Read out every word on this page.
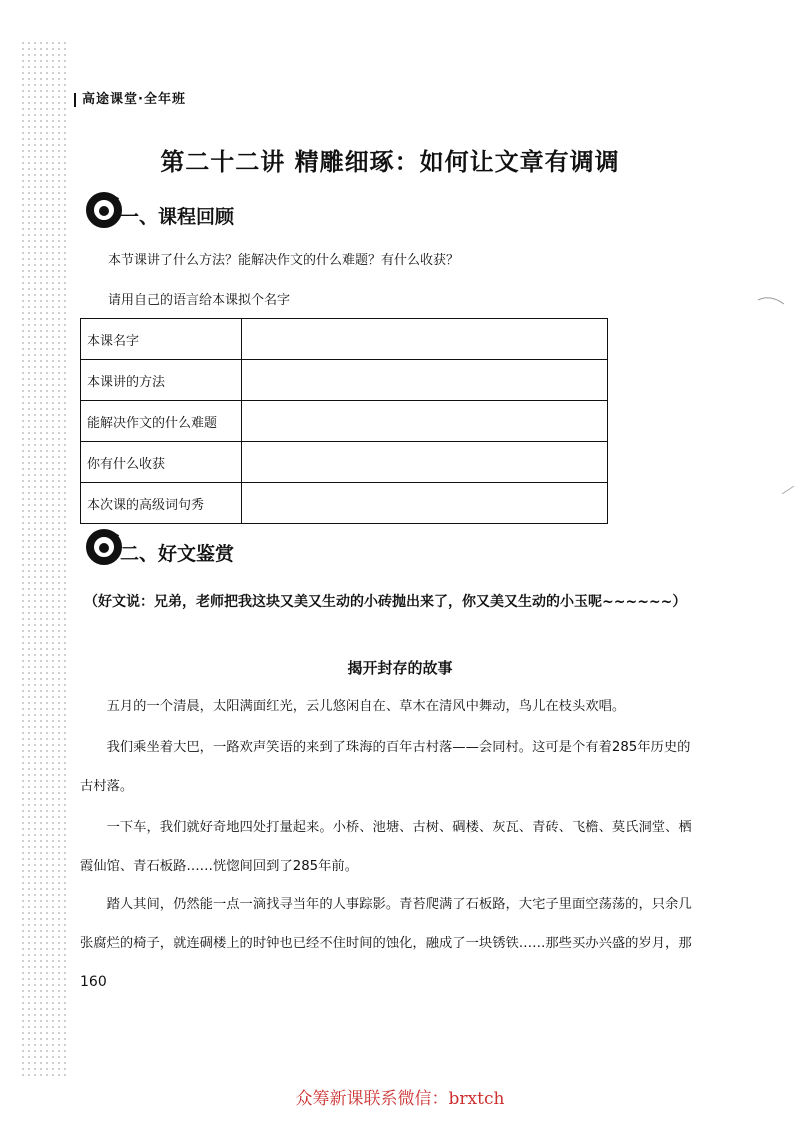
高途课堂·全年班
第二十二讲 精雕细琢：如何让文章有调调
一、课程回顾
本节课讲了什么方法？能解决作文的什么难题？有什么收获？
请用自己的语言给本课拟个名字
本课名字	
本课讲的方法	
能解决作文的什么难题	
你有什么收获	
本次课的高级词句秀	
二、好文鉴赏
（好文说：兄弟，老师把我这块又美又生动的小砖抛出来了，你又美又生动的小玉呢~~~~~~）
揭开封存的故事
五月的一个清晨，太阳满面红光，云儿悠闲自在、草木在清风中舞动，鸟儿在枝头欢唱。
我们乘坐着大巴，一路欢声笑语的来到了珠海的百年古村落——会同村。这可是个有着285年历史的古村落。
一下车，我们就好奇地四处打量起来。小桥、池塘、古树、碉楼、灰瓦、青砖、飞檐、莫氏洞堂、栖霞仙馆、青石板路……恍惚间回到了285年前。
踏人其间，仍然能一点一滴找寻当年的人事踪影。青苔爬满了石板路，大宅子里面空荡荡的，只余几张腐烂的椅子，就连碉楼上的时钟也已经不住时间的蚀化，融成了一块锈铁……那些买办兴盛的岁月，那
160
众筹新课联系微信：brxtch
